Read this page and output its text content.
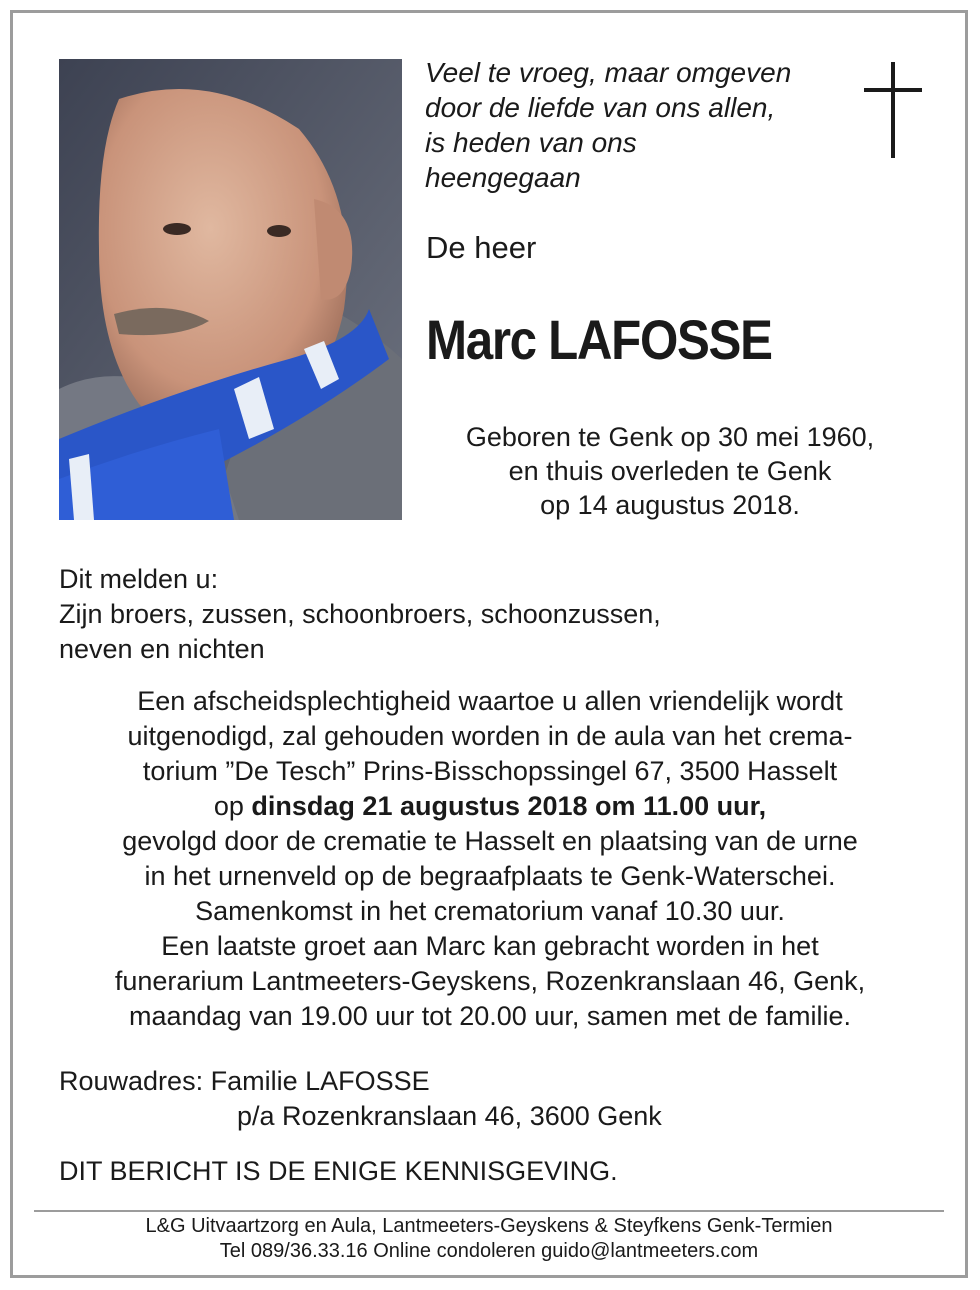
Veel te vroeg, maar omgeven
door de liefde van ons allen,
is heden van ons
heengegaan
De heer
Marc LAFOSSE
Geboren te Genk op 30 mei 1960,
en thuis overleden te Genk
op 14 augustus 2018.
Dit melden u:
Zijn broers, zussen, schoonbroers, schoonzussen,
neven en nichten
Een afscheidsplechtigheid waartoe u allen vriendelijk wordt
uitgenodigd, zal gehouden worden in de aula van het crema-
torium ”De Tesch” Prins-Bisschopssingel 67, 3500 Hasselt
op dinsdag 21 augustus 2018 om 11.00 uur,
gevolgd door de crematie te Hasselt en plaatsing van de urne
in het urnenveld op de begraafplaats te Genk-Waterschei.
Samenkomst in het crematorium vanaf 10.30 uur.
Een laatste groet aan Marc kan gebracht worden in het
funerarium Lantmeeters-Geyskens, Rozenkranslaan 46, Genk,
maandag van 19.00 uur tot 20.00 uur, samen met de familie.
Rouwadres: Familie LAFOSSE
p/a Rozenkranslaan 46, 3600 Genk
DIT BERICHT IS DE ENIGE KENNISGEVING.
L&G Uitvaartzorg en Aula, Lantmeeters-Geyskens & Steyfkens Genk-Termien
Tel 089/36.33.16 Online condoleren guido@lantmeeters.com
